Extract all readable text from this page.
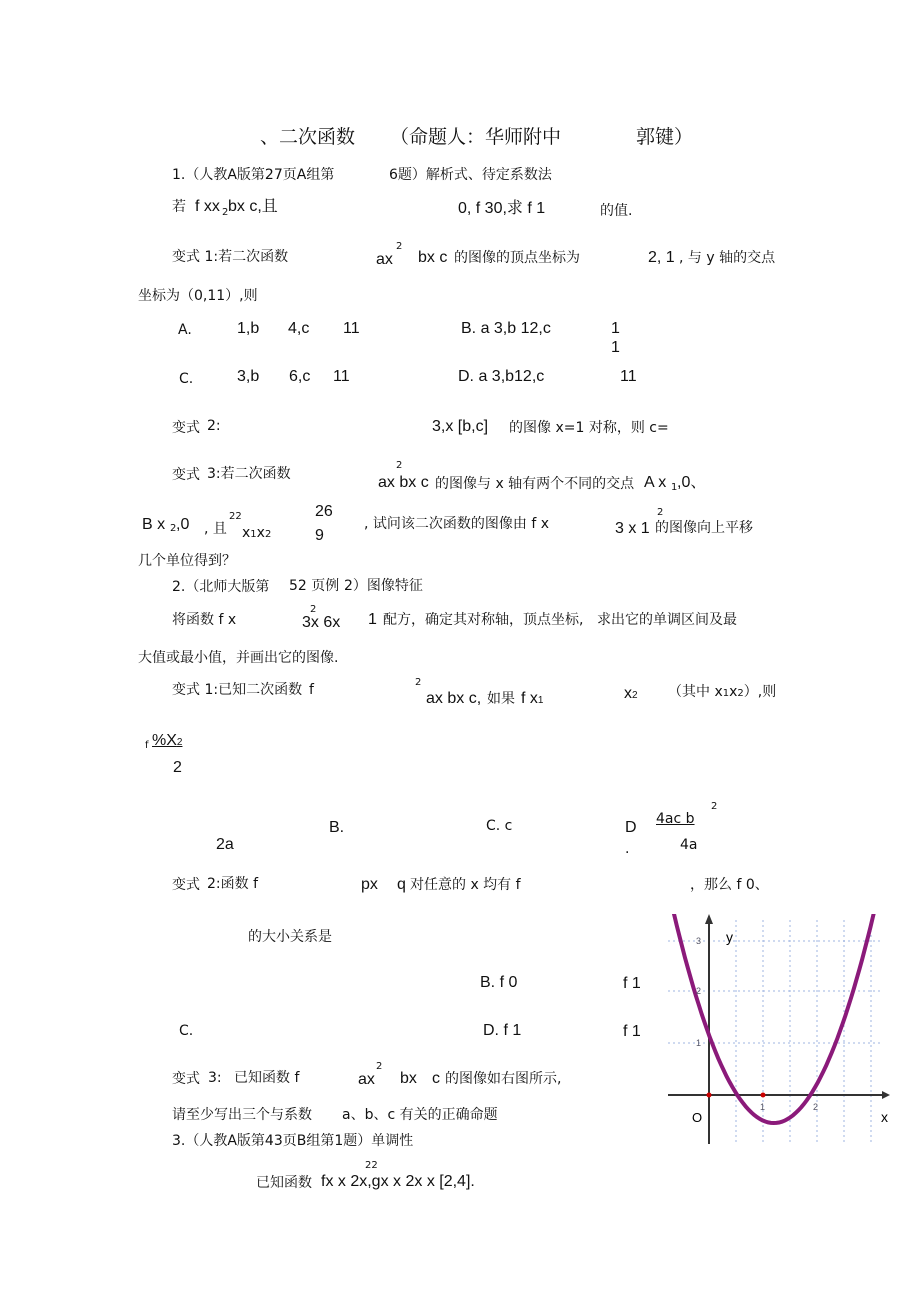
、二次函数 （命题人：华师附中	郭键）
1.（人教A版第27页A组第	6题）解析式、待定系数法
若 f xx 2 bx c,且	0, f 30,求 f 1	的值.
变式 1:若二次函数	ax
2
bx c 的图像的顶点坐标为	2, 1 , 与 y 轴的交点
坐标为（0,11）,则
A.	1,b 4,c 11	B. a 3,b 12,c	1
1
C.	3,b 6,c 11	D. a 3,b12,c	11
变式 2:	3,x [b,c] 的图像 x=1 对称，则 c=
变式 3:若二次函数
2
ax bx c 的图像与 x 轴有两个不同的交点 A x 1 ,0、
B x 2 ,0 , 且
22
x1x2
26
9
, 试问该二次函数的图像由 f x
2
3 x 1 的图像向上平移
几个单位得到？
2.（北师大版第 52 页例 2）图像特征
将函数 f x
2
3x 6x 1 配方，确定其对称轴，顶点坐标, 求出它的单调区间及最
大值或最小值，并画出它的图像.
变式 1:已知二次函数 f	2
ax bx c, 如果 f x1	x2 （其中 x1x2）,则
f %X2
2
B.	C. c	D
.
4ac b
2
4a
2a
变式 2:函数 f	px q 对任意的 x 均有 f	，那么 f 0、
的大小关系是
B. f 0	f 1
C.	D. f 1	f 1
变式 3: 已知函数 f	ax
2
bx c 的图像如右图所示,
请至少写出三个与系数 a、b、c 有关的正确命题
3.（人教A版第43页B组第1题）单调性
22
已知函数 fx x 2x,gx x 2x x [2,4].
x
y
O
3
2
1
1	2
